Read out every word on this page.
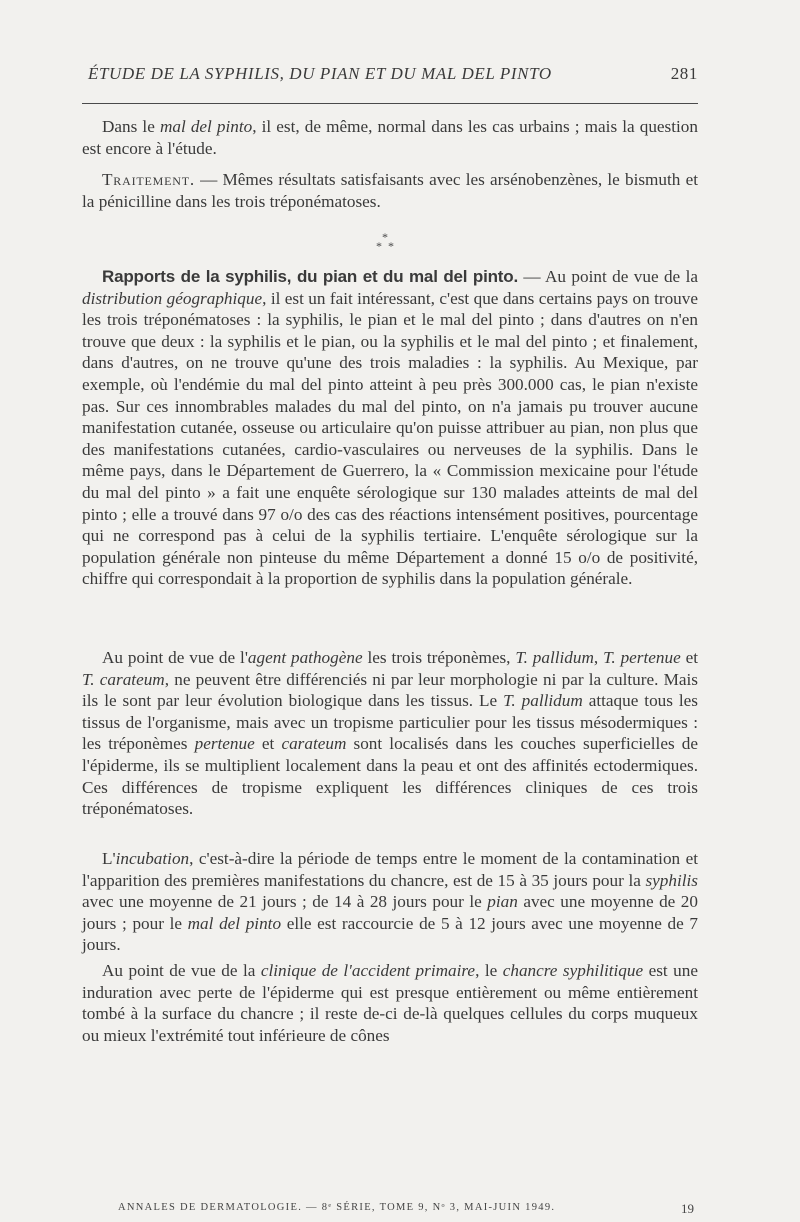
ÉTUDE DE LA SYPHILIS, DU PIAN ET DU MAL DEL PINTO	281

Dans le mal del pinto, il est, de même, normal dans les cas urbains ; mais la question est encore à l'étude.

Traitement. — Mêmes résultats satisfaisants avec les arsénobenzènes, le bismuth et la pénicilline dans les trois tréponématoses.

*
* *

Rapports de la syphilis, du pian et du mal del pinto. — Au point de vue de la distribution géographique, il est un fait intéressant, c'est que dans certains pays on trouve les trois tréponématoses : la syphilis, le pian et le mal del pinto ; dans d'autres on n'en trouve que deux : la syphilis et le pian, ou la syphilis et le mal del pinto ; et finalement, dans d'autres, on ne trouve qu'une des trois maladies : la syphilis. Au Mexique, par exemple, où l'endémie du mal del pinto atteint à peu près 300.000 cas, le pian n'existe pas. Sur ces innombrables malades du mal del pinto, on n'a jamais pu trouver aucune manifestation cutanée, osseuse ou articulaire qu'on puisse attribuer au pian, non plus que des manifestations cutanées, cardio-vasculaires ou nerveuses de la syphilis. Dans le même pays, dans le Département de Guerrero, la « Commission mexicaine pour l'étude du mal del pinto » a fait une enquête sérologique sur 130 malades atteints de mal del pinto ; elle a trouvé dans 97 o/o des cas des réactions intensément positives, pourcentage qui ne correspond pas à celui de la syphilis tertiaire. L'enquête sérologique sur la population générale non pinteuse du même Département a donné 15 o/o de positivité, chiffre qui correspondait à la proportion de syphilis dans la population générale.

Au point de vue de l'agent pathogène les trois tréponèmes, T. pallidum, T. pertenue et T. carateum, ne peuvent être différenciés ni par leur morphologie ni par la culture. Mais ils le sont par leur évolution biologique dans les tissus. Le T. pallidum attaque tous les tissus de l'organisme, mais avec un tropisme particulier pour les tissus mésodermiques : les tréponèmes pertenue et carateum sont localisés dans les couches superficielles de l'épiderme, ils se multiplient localement dans la peau et ont des affinités ectodermiques. Ces différences de tropisme expliquent les différences cliniques de ces trois tréponématoses.

L'incubation, c'est-à-dire la période de temps entre le moment de la contamination et l'apparition des premières manifestations du chancre, est de 15 à 35 jours pour la syphilis avec une moyenne de 21 jours ; de 14 à 28 jours pour le pian avec une moyenne de 20 jours ; pour le mal del pinto elle est raccourcie de 5 à 12 jours avec une moyenne de 7 jours.

Au point de vue de la clinique de l'accident primaire, le chancre syphilitique est une induration avec perte de l'épiderme qui est presque entièrement ou même entièrement tombé à la surface du chancre ; il reste de-ci de-là quelques cellules du corps muqueux ou mieux l'extrémité tout inférieure de cônes

ANNALES DE DERMATOLOGIE. — 8ᵉ SÉRIE, TOME 9, Nᵒ 3, MAI-JUIN 1949.	19
